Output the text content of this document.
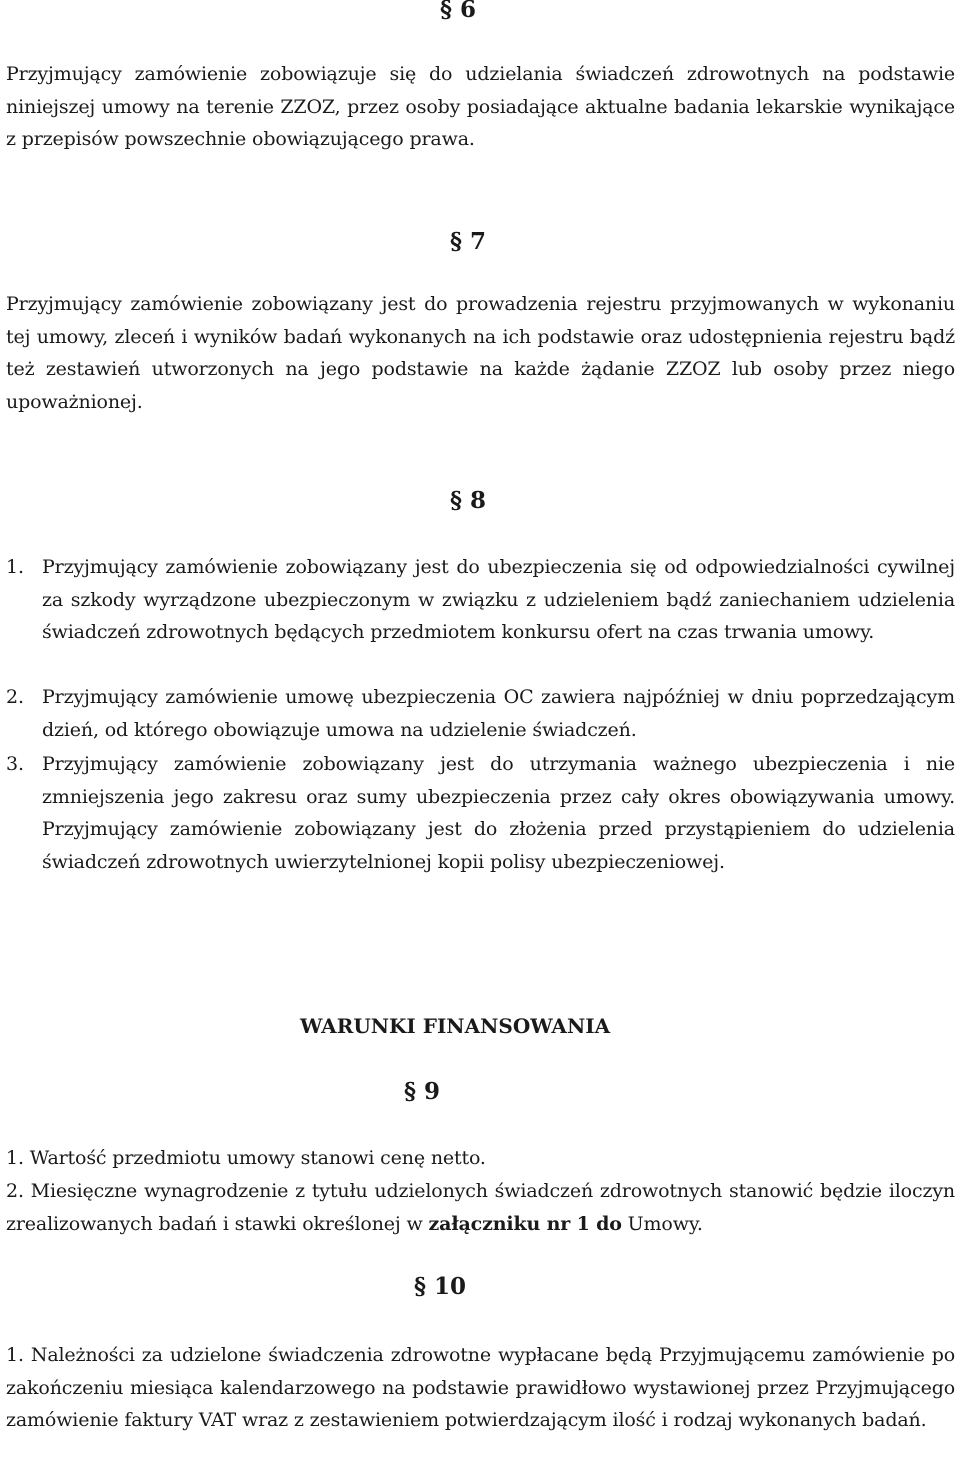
§ 6
Przyjmujący zamówienie zobowiązuje się do udzielania świadczeń zdrowotnych na podstawie niniejszej umowy na terenie ZZOZ, przez osoby posiadające aktualne badania lekarskie wynikające z przepisów powszechnie obowiązującego prawa.
§ 7
Przyjmujący zamówienie zobowiązany jest do prowadzenia rejestru przyjmowanych w wykonaniu tej umowy, zleceń i wyników badań wykonanych na ich podstawie oraz udostępnienia rejestru bądź też zestawień utworzonych na jego podstawie na każde żądanie ZZOZ lub osoby przez niego upoważnionej.
§ 8
1. Przyjmujący zamówienie zobowiązany jest do ubezpieczenia się od odpowiedzialności cywilnej za szkody wyrządzone ubezpieczonym w związku z udzieleniem bądź zaniechaniem udzielenia świadczeń zdrowotnych będących przedmiotem konkursu ofert na czas trwania umowy.
2. Przyjmujący zamówienie umowę ubezpieczenia OC zawiera najpóźniej w dniu poprzedzającym dzień, od którego obowiązuje umowa na udzielenie świadczeń.
3. Przyjmujący zamówienie zobowiązany jest do utrzymania ważnego ubezpieczenia i nie zmniejszenia jego zakresu oraz sumy ubezpieczenia przez cały okres obowiązywania umowy. Przyjmujący zamówienie zobowiązany jest do złożenia przed przystąpieniem do udzielenia świadczeń zdrowotnych uwierzytelnionej kopii polisy ubezpieczeniowej.
WARUNKI FINANSOWANIA
§ 9
1. Wartość przedmiotu umowy stanowi cenę netto.
2. Miesięczne wynagrodzenie z tytułu udzielonych świadczeń zdrowotnych stanowić będzie iloczyn zrealizowanych badań i stawki określonej w załączniku nr 1 do Umowy.
§ 10
1. Należności za udzielone świadczenia zdrowotne wypłacane będą Przyjmującemu zamówienie po zakończeniu miesiąca kalendarzowego na podstawie prawidłowo wystawionej przez Przyjmującego zamówienie faktury VAT wraz z zestawieniem potwierdzającym ilość i rodzaj wykonanych badań.
